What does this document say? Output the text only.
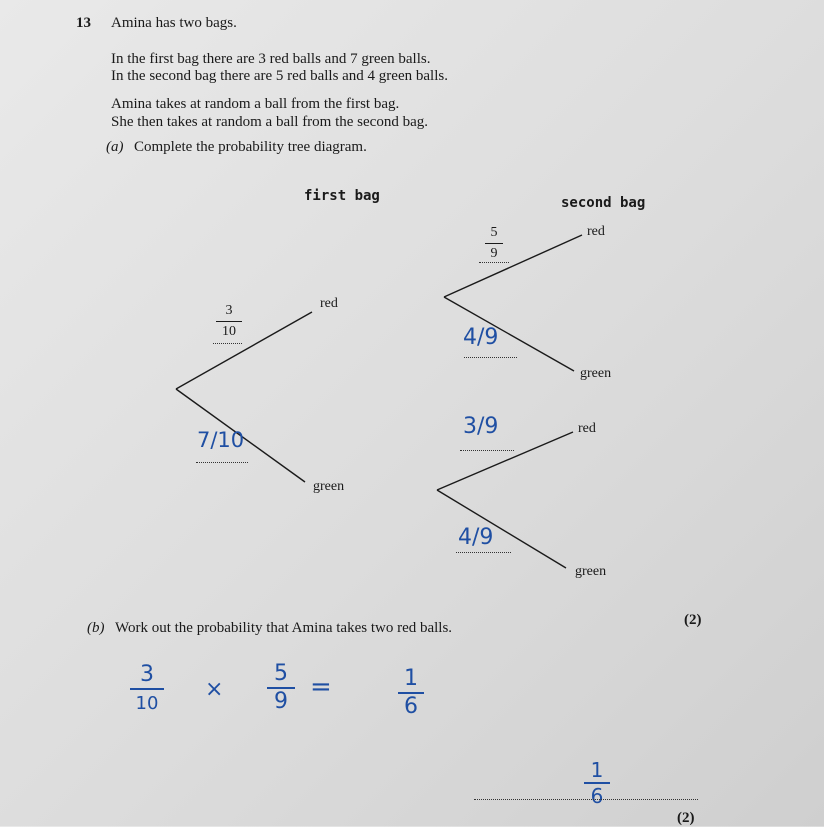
13 Amina has two bags.
In the first bag there are 3 red balls and 7 green balls.
In the second bag there are 5 red balls and 4 green balls.
Amina takes at random a ball from the first bag.
She then takes at random a ball from the second bag.
(a) Complete the probability tree diagram.
first bag	second bag
red
green
3
10
7/10
5
9
red
4/9
green
3/9	red
4/9
green
(2)
(b) Work out the probability that Amina takes two red balls.
3
10
×
5
9 =	1
6
1
6
(2)
